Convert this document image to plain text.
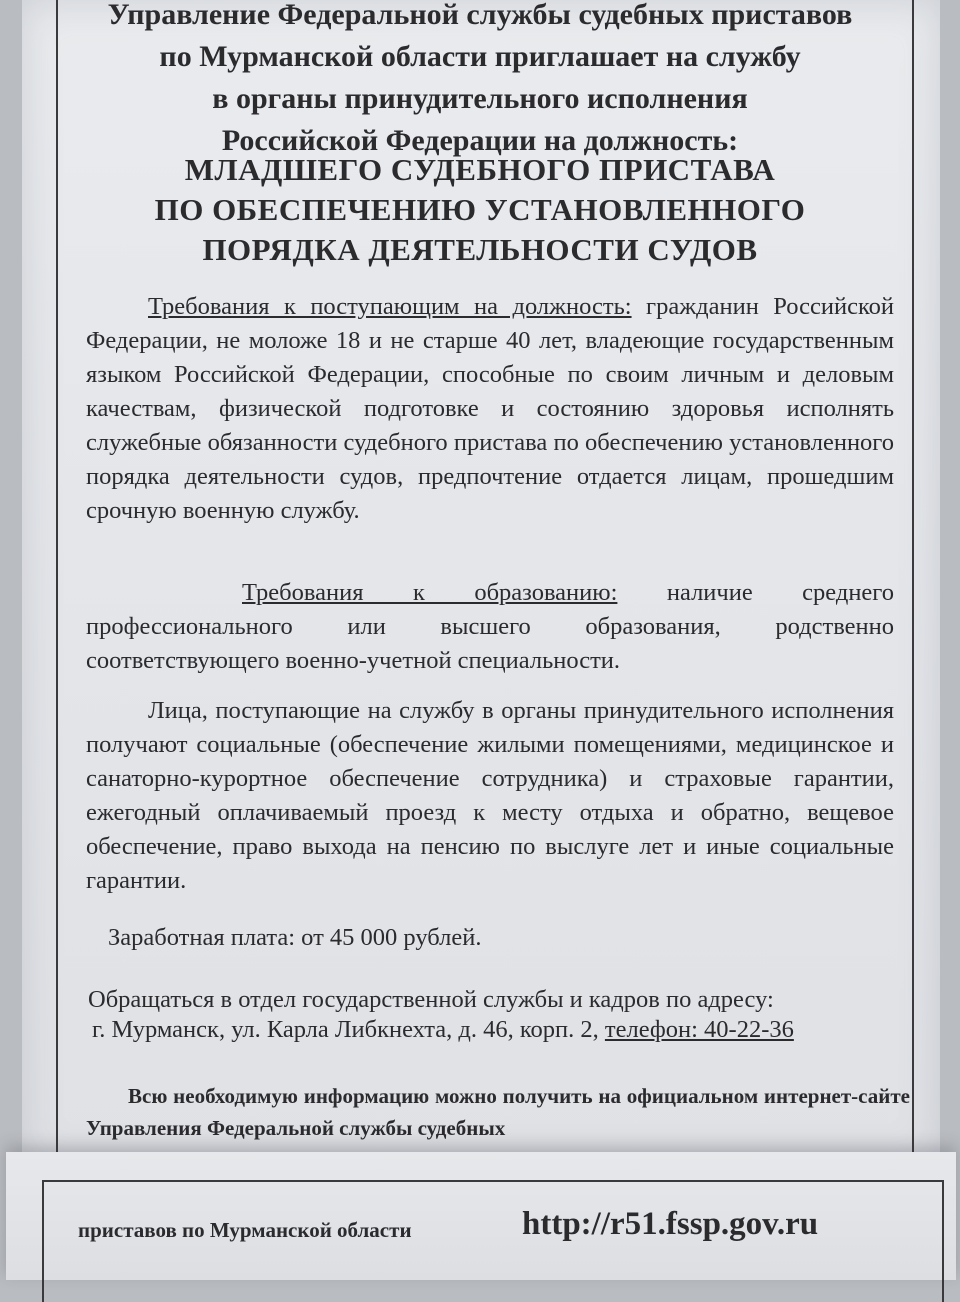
Управление Федеральной службы судебных приставов
по Мурманской области приглашает на службу
в органы принудительного исполнения
Российской Федерации на должность:
МЛАДШЕГО СУДЕБНОГО ПРИСТАВА
ПО ОБЕСПЕЧЕНИЮ УСТАНОВЛЕННОГО
ПОРЯДКА ДЕЯТЕЛЬНОСТИ СУДОВ
Требования к поступающим на должность: гражданин Российской Федерации, не моложе 18 и не старше 40 лет, владеющие государственным языком Российской Федерации, способные по своим личным и деловым качествам, физической подготовке и состоянию здоровья исполнять служебные обязанности судебного пристава по обеспечению установленного порядка деятельности судов, предпочтение отдается лицам, прошедшим срочную военную службу.
Требования к образованию: наличие среднего профессионального или высшего образования, родственно соответствующего военно-учетной специальности.
Лица, поступающие на службу в органы принудительного исполнения получают социальные (обеспечение жилыми помещениями, медицинское и санаторно-курортное обеспечение сотрудника) и страховые гарантии, ежегодный оплачиваемый проезд к месту отдыха и обратно, вещевое обеспечение, право выхода на пенсию по выслуге лет и иные социальные гарантии.
Заработная плата: от 45 000 рублей.
Обращаться в отдел государственной службы и кадров по адресу:
г. Мурманск, ул. Карла Либкнехта, д. 46, корп. 2, телефон: 40-22-36
Всю необходимую информацию можно получить на официальном интернет-сайте Управления Федеральной службы судебных
приставов по Мурманской области	http://r51.fssp.gov.ru
